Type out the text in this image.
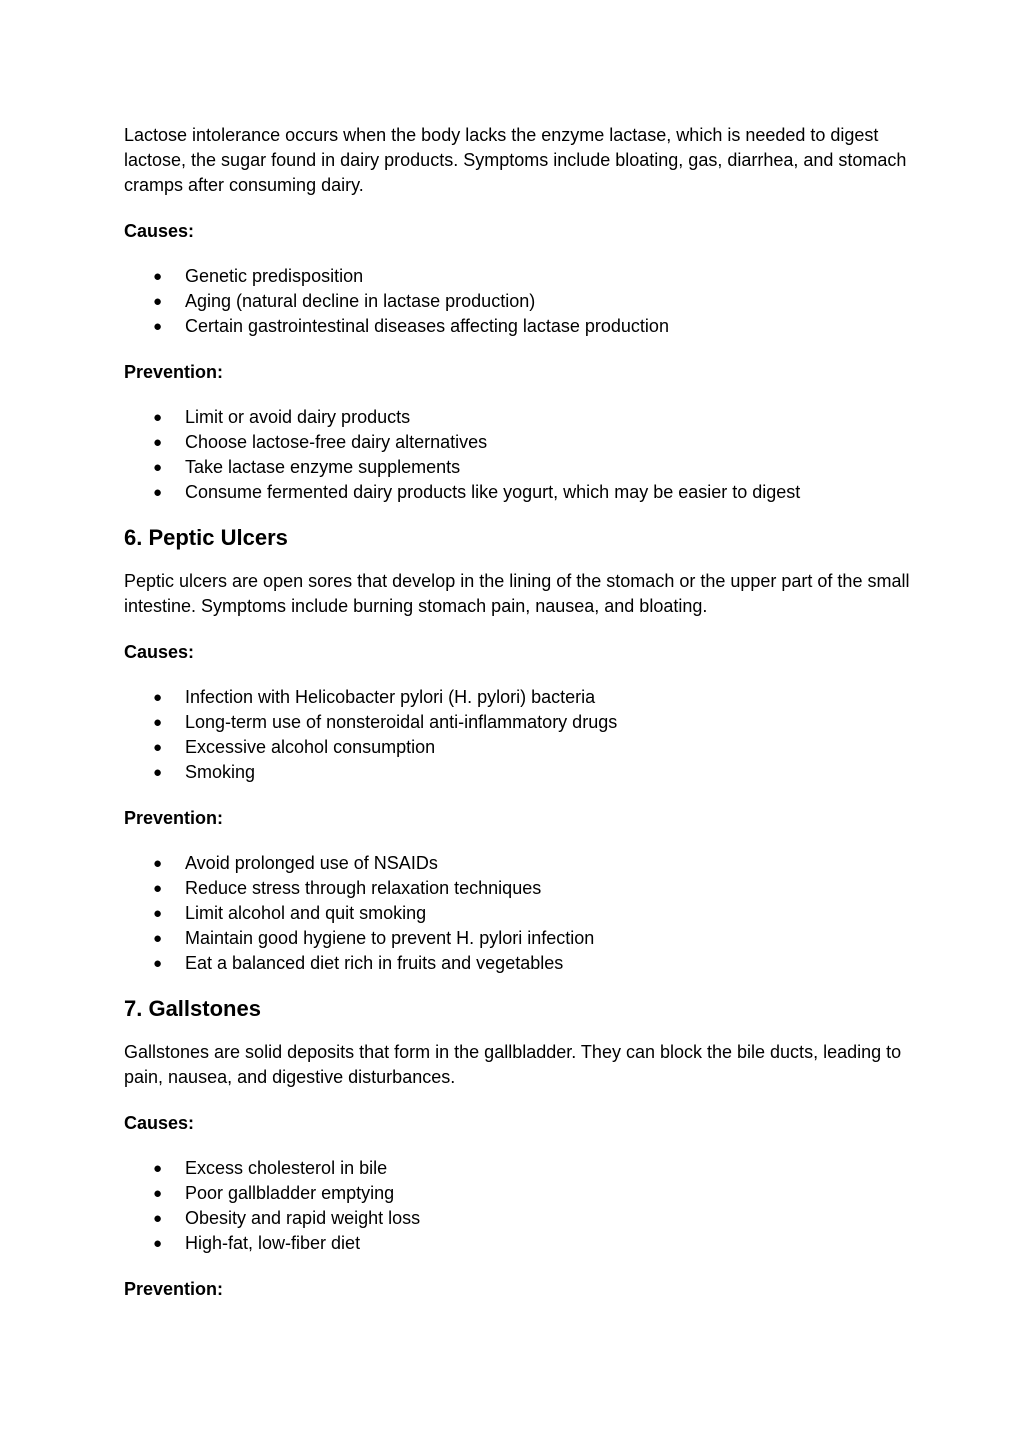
Lactose intolerance occurs when the body lacks the enzyme lactase, which is needed to digest lactose, the sugar found in dairy products. Symptoms include bloating, gas, diarrhea, and stomach cramps after consuming dairy.

Causes:

● Genetic predisposition
● Aging (natural decline in lactase production)
● Certain gastrointestinal diseases affecting lactase production

Prevention:

● Limit or avoid dairy products
● Choose lactose-free dairy alternatives
● Take lactase enzyme supplements
● Consume fermented dairy products like yogurt, which may be easier to digest
6. Peptic Ulcers

Peptic ulcers are open sores that develop in the lining of the stomach or the upper part of the small intestine. Symptoms include burning stomach pain, nausea, and bloating.

Causes:

● Infection with Helicobacter pylori (H. pylori) bacteria
● Long-term use of nonsteroidal anti-inflammatory drugs
● Excessive alcohol consumption
● Smoking

Prevention:

● Avoid prolonged use of NSAIDs
● Reduce stress through relaxation techniques
● Limit alcohol and quit smoking
● Maintain good hygiene to prevent H. pylori infection
● Eat a balanced diet rich in fruits and vegetables
7. Gallstones

Gallstones are solid deposits that form in the gallbladder. They can block the bile ducts, leading to pain, nausea, and digestive disturbances.

Causes:

● Excess cholesterol in bile
● Poor gallbladder emptying
● Obesity and rapid weight loss
● High-fat, low-fiber diet

Prevention:
